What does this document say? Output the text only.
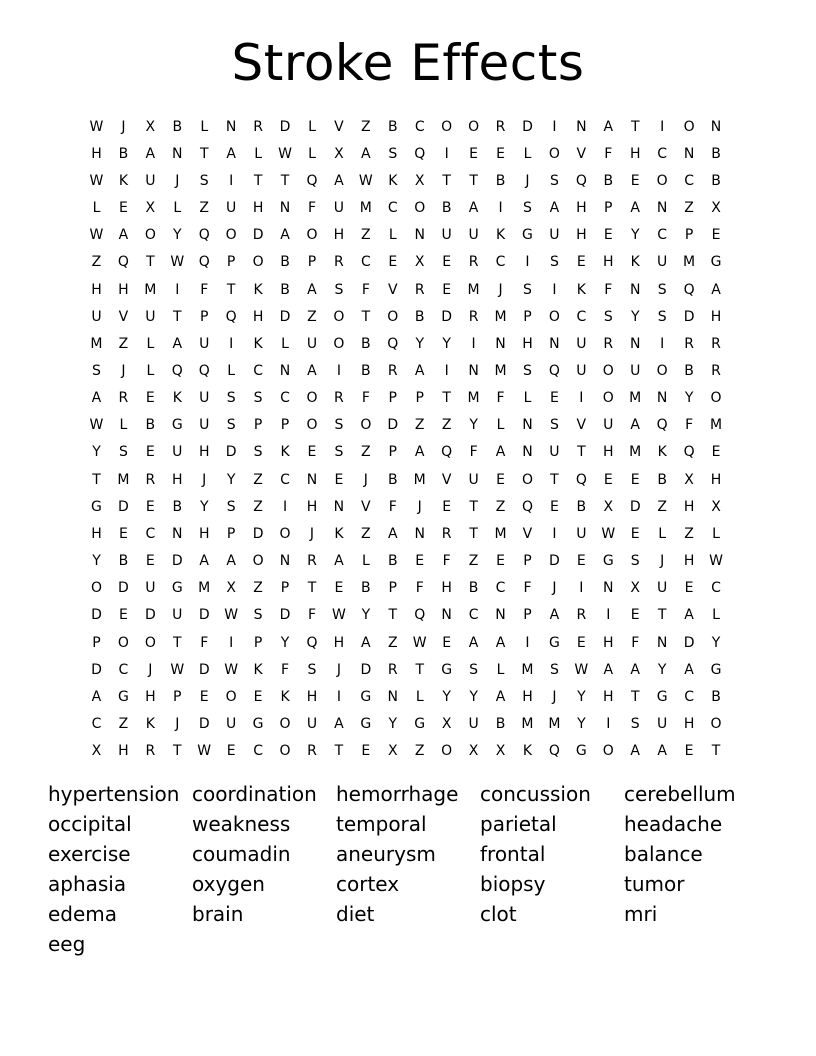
Stroke Effects
W	J	X	B	L	N	R	D	L	V	Z	B	C	O	O	R	D	I	N	A	T	I	O	N
H	B	A	N	T	A	L	W	L	X	A	S	Q	I	E	E	L	O	V	F	H	C	N	B
W	K	U	J	S	I	T	T	Q	A	W	K	X	T	T	B	J	S	Q	B	E	O	C	B
L	E	X	L	Z	U	H	N	F	U	M	C	O	B	A	I	S	A	H	P	A	N	Z	X
W	A	O	Y	Q	O	D	A	O	H	Z	L	N	U	U	K	G	U	H	E	Y	C	P	E
Z	Q	T	W	Q	P	O	B	P	R	C	E	X	E	R	C	I	S	E	H	K	U	M	G
H	H	M	I	F	T	K	B	A	S	F	V	R	E	M	J	S	I	K	F	N	S	Q	A
U	V	U	T	P	Q	H	D	Z	O	T	O	B	D	R	M	P	O	C	S	Y	S	D	H
M	Z	L	A	U	I	K	L	U	O	B	Q	Y	Y	I	N	H	N	U	R	N	I	R	R
S	J	L	Q	Q	L	C	N	A	I	B	R	A	I	N	M	S	Q	U	O	U	O	B	R
A	R	E	K	U	S	S	C	O	R	F	P	P	T	M	F	L	E	I	O	M	N	Y	O
W	L	B	G	U	S	P	P	O	S	O	D	Z	Z	Y	L	N	S	V	U	A	Q	F	M
Y	S	E	U	H	D	S	K	E	S	Z	P	A	Q	F	A	N	U	T	H	M	K	Q	E
T	M	R	H	J	Y	Z	C	N	E	J	B	M	V	U	E	O	T	Q	E	E	B	X	H
G	D	E	B	Y	S	Z	I	H	N	V	F	J	E	T	Z	Q	E	B	X	D	Z	H	X
H	E	C	N	H	P	D	O	J	K	Z	A	N	R	T	M	V	I	U	W	E	L	Z	L
Y	B	E	D	A	A	O	N	R	A	L	B	E	F	Z	E	P	D	E	G	S	J	H	W
O	D	U	G	M	X	Z	P	T	E	B	P	F	H	B	C	F	J	I	N	X	U	E	C
D	E	D	U	D	W	S	D	F	W	Y	T	Q	N	C	N	P	A	R	I	E	T	A	L
P	O	O	T	F	I	P	Y	Q	H	A	Z	W	E	A	A	I	G	E	H	F	N	D	Y
D	C	J	W	D	W	K	F	S	J	D	R	T	G	S	L	M	S	W	A	A	Y	A	G
A	G	H	P	E	O	E	K	H	I	G	N	L	Y	Y	A	H	J	Y	H	T	G	C	B
C	Z	K	J	D	U	G	O	U	A	G	Y	G	X	U	B	M	M	Y	I	S	U	H	O
X	H	R	T	W	E	C	O	R	T	E	X	Z	O	X	X	K	Q	G	O	A	A	E	T
hypertension coordination hemorrhage	concussion	cerebellum
occipital	weakness	temporal	parietal	headache
exercise	coumadin	aneurysm	frontal	balance
aphasia	oxygen	cortex	biopsy	tumor
edema	brain	diet	clot	mri
eeg
